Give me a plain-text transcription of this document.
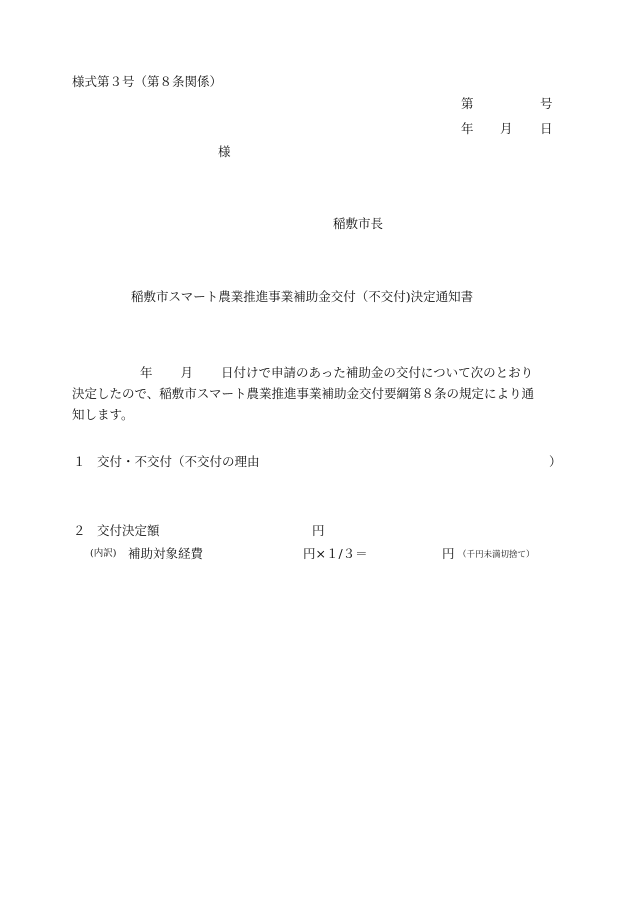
様式第３号（第８条関係）
第	号
年 月 日
様
稲敷市長
稲敷市スマート農業推進事業補助金交付（不交付)決定通知書
年 月 日付けで申請のあった補助金の交付について次のとおり
決定したので、稲敷市スマート農業推進事業補助金交付要綱第８条の規定により通
知します。
１ 交付・不交付（不交付の理由	）
２ 交付決定額	円
(内訳) 補助対象経費	円×１/３＝	円 （千円未満切捨て）
